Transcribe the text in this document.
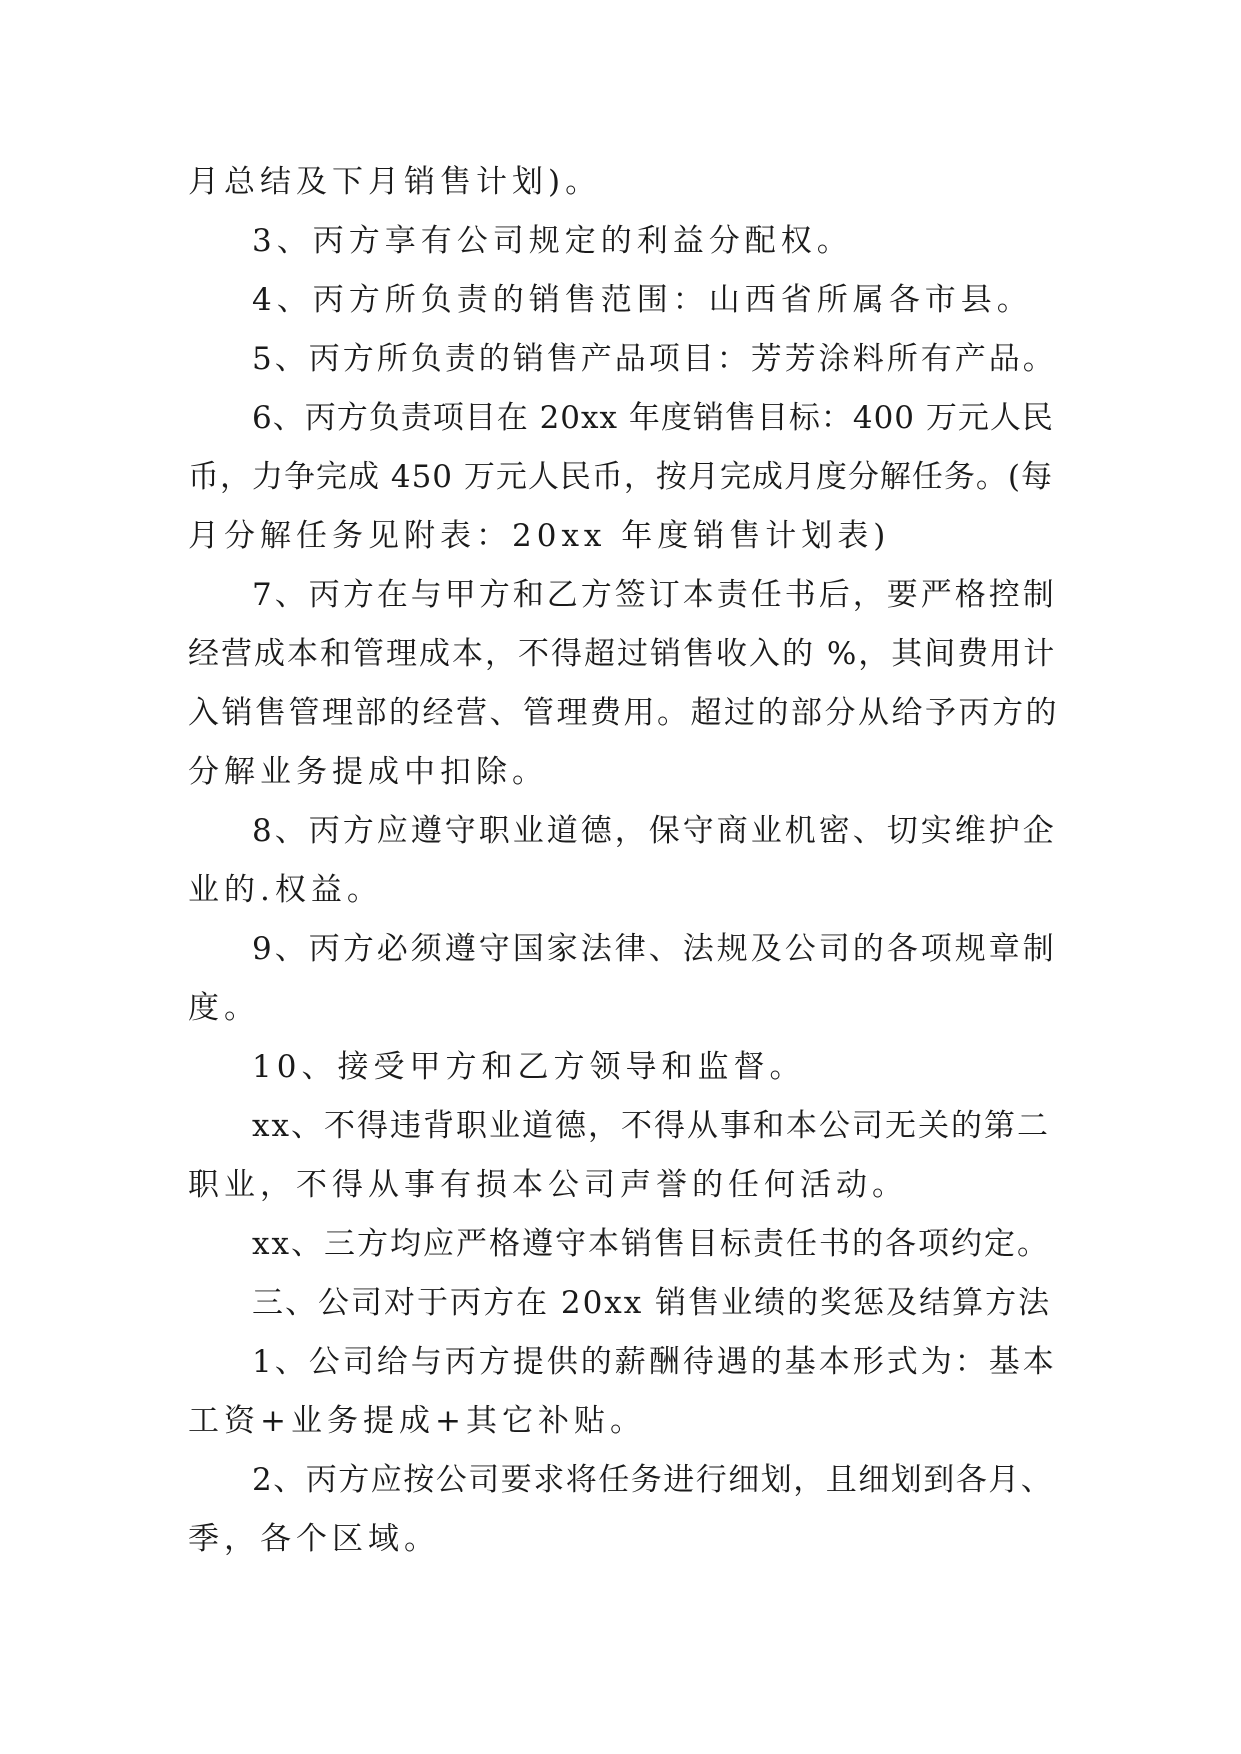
月总结及下月销售计划)。

3、丙方享有公司规定的利益分配权。

4、丙方所负责的销售范围：山西省所属各市县。

5、丙方所负责的销售产品项目：芳芳涂料所有产品。

6、丙方负责项目在 20xx 年度销售目标：400 万元人民

币，力争完成 450 万元人民币，按月完成月度分解任务。(每

月分解任务见附表：20xx 年度销售计划表)

7、丙方在与甲方和乙方签订本责任书后，要严格控制

经营成本和管理成本，不得超过销售收入的 %，其间费用计

入销售管理部的经营、管理费用。超过的部分从给予丙方的

分解业务提成中扣除。

8、丙方应遵守职业道德，保守商业机密、切实维护企

业的.权益。

9、丙方必须遵守国家法律、法规及公司的各项规章制

度。

10、接受甲方和乙方领导和监督。

xx、不得违背职业道德，不得从事和本公司无关的第二

职业，不得从事有损本公司声誉的任何活动。

xx、三方均应严格遵守本销售目标责任书的各项约定。

三、公司对于丙方在 20xx 销售业绩的奖惩及结算方法

1、公司给与丙方提供的薪酬待遇的基本形式为：基本

工资+业务提成+其它补贴。

2、丙方应按公司要求将任务进行细划，且细划到各月、

季，各个区域。
